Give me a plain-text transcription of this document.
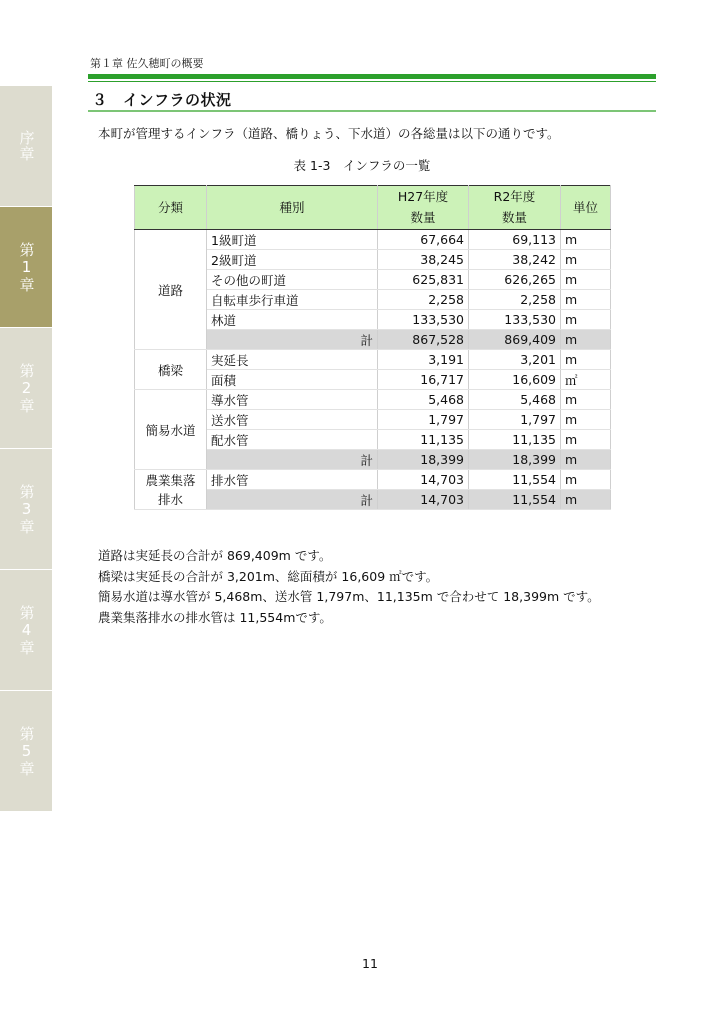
序章
第1章
第2章
第3章
第4章
第5章
第１章 佐久穂町の概要
３　インフラの状況
本町が管理するインフラ（道路、橋りょう、下水道）の各総量は以下の通りです。
表 1-3　インフラの一覧
分類	種別	H27年度	R2年度	単位
		数量	数量	
道路	1級町道	67,664	69,113	m
	2級町道	38,245	38,242	m
	その他の町道	625,831	626,265	m
	自転車歩行車道	2,258	2,258	m
	林道	133,530	133,530	m
	計	867,528	869,409	m
橋梁	実延長	3,191	3,201	m
	面積	16,717	16,609	㎡
簡易水道	導水管	5,468	5,468	m
	送水管	1,797	1,797	m
	配水管	11,135	11,135	m
	計	18,399	18,399	m
農業集落	排水管	14,703	11,554	m
排水	計	14,703	11,554	m
道路は実延長の合計が 869,409m です。
橋梁は実延長の合計が 3,201m、総面積が 16,609 ㎡です。
簡易水道は導水管が 5,468m、送水管 1,797m、11,135m で合わせて 18,399m です。
農業集落排水の排水管は 11,554mです。
11
